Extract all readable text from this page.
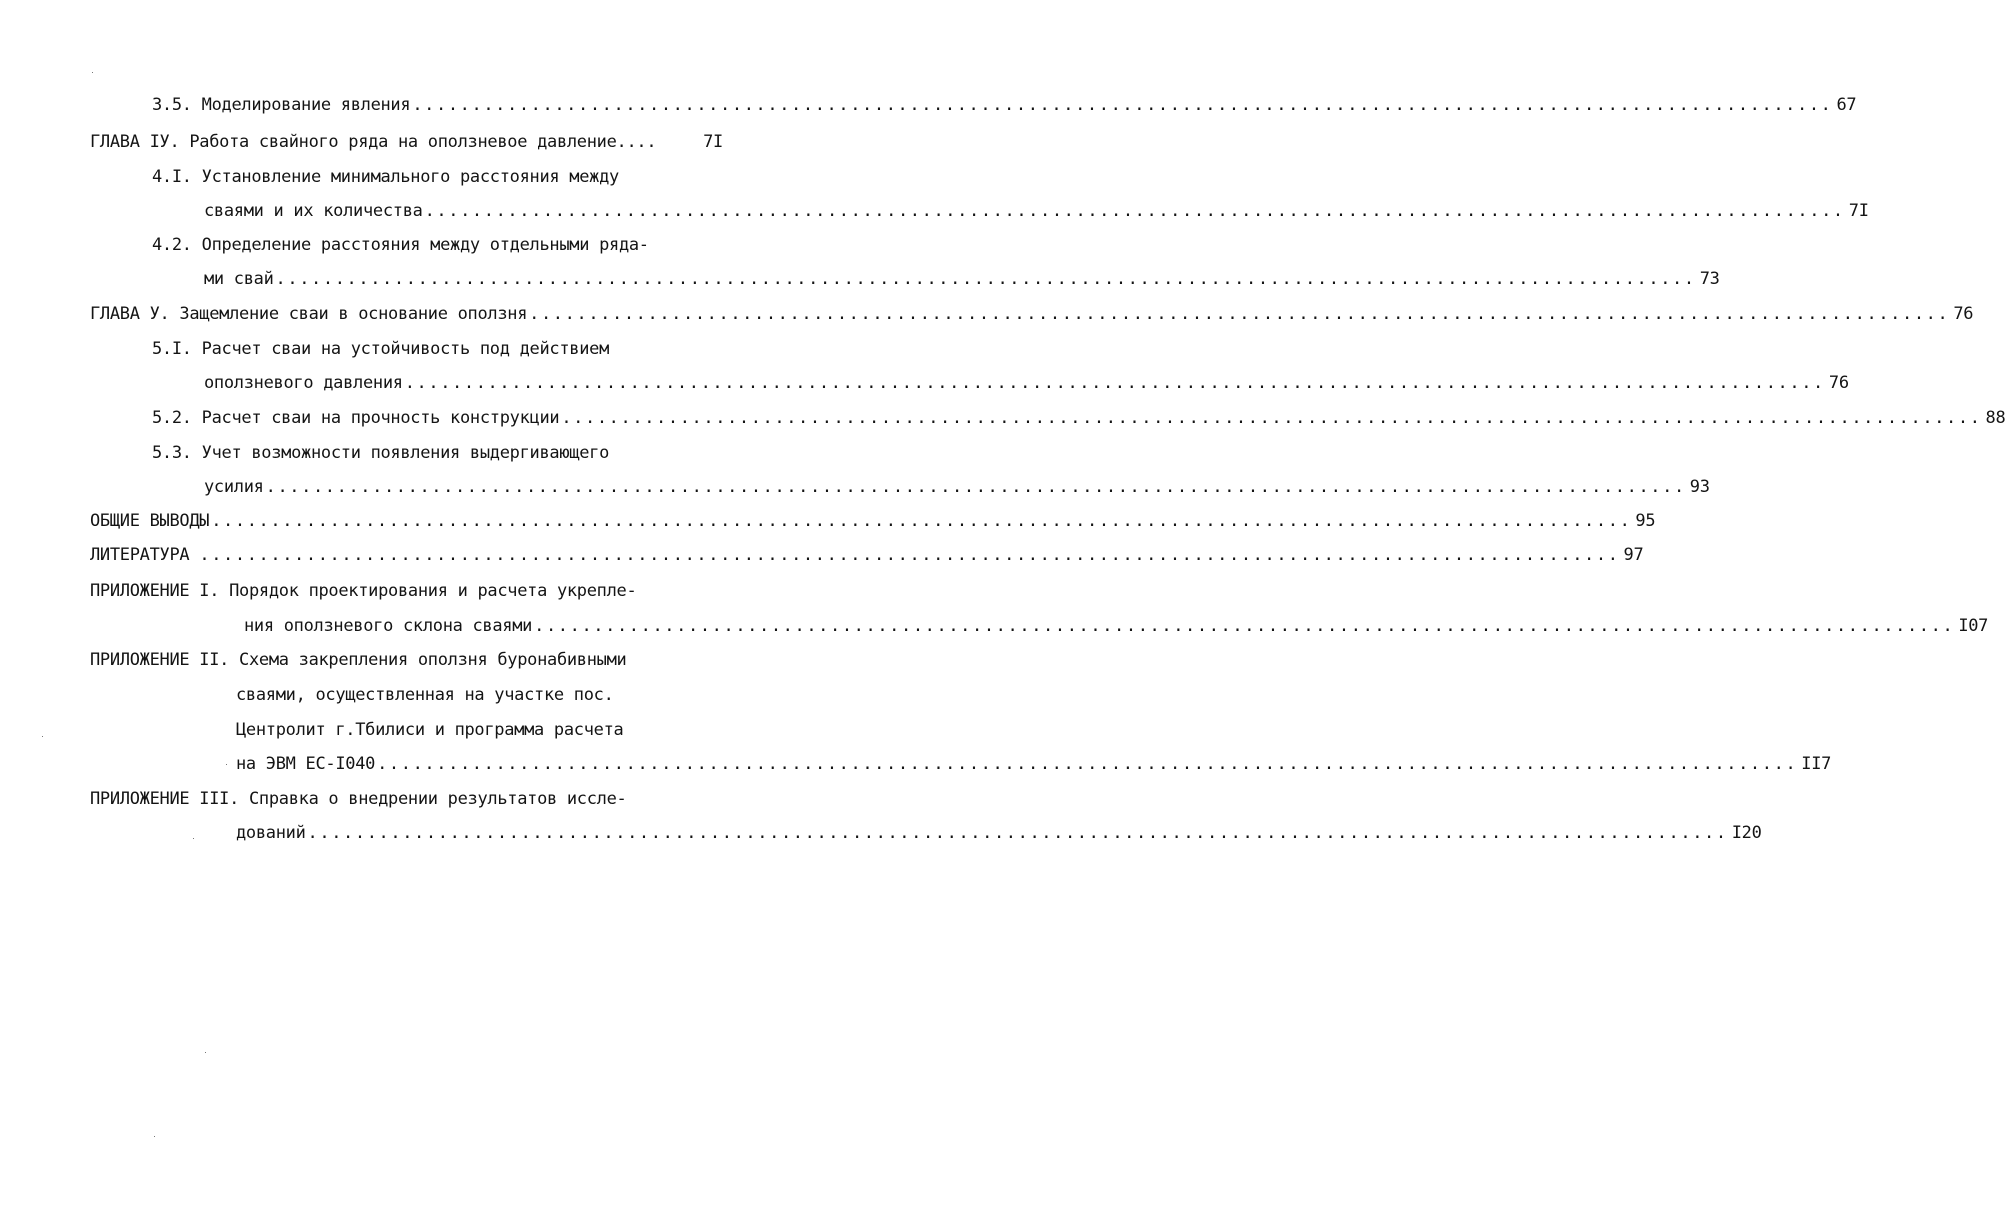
3.5. Моделирование явления ........................................................................................................................ 67
ГЛАВА IУ. Работа свайного ряда на оползневое давление....	7I
4.I. Установление минимального расстояния между
сваями и их количества ........................................................................................................................ 7I
4.2. Определение расстояния между отдельными ряда-
ми свай ........................................................................................................................ 73
ГЛАВА У. Защемление сваи в основание оползня ........................................................................................................................ 76
5.I. Расчет сваи на устойчивость под действием
оползневого давления ........................................................................................................................ 76
5.2. Расчет сваи на прочность конструкции ........................................................................................................................ 88
5.3. Учет возможности появления выдергивающего
усилия ........................................................................................................................ 93
ОБЩИЕ ВЫВОДЫ ........................................................................................................................ 95
ЛИТЕРАТУРА ........................................................................................................................ 97
ПРИЛОЖЕНИЕ I. Порядок проектирования и расчета укрепле-
ния оползневого склона сваями ........................................................................................................................ I07
ПРИЛОЖЕНИЕ II. Схема закрепления оползня буронабивными
сваями, осуществленная на участке пос.
Центролит г.Тбилиси и программа расчета
на ЭВМ ЕС-I040 ........................................................................................................................ II7
ПРИЛОЖЕНИЕ III. Справка о внедрении результатов иссле-
дований ........................................................................................................................ I20
